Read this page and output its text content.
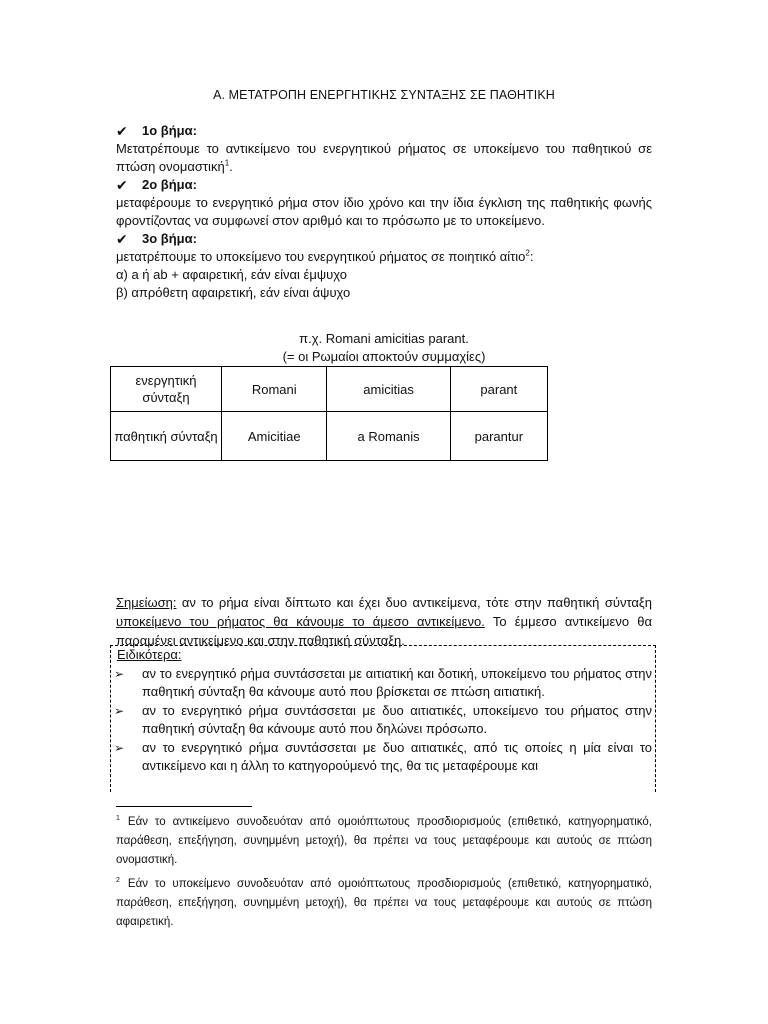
Α. ΜΕΤΑΤΡΟΠΗ ΕΝΕΡΓΗΤΙΚΗΣ ΣΥΝΤΑΞΗΣ ΣΕ ΠΑΘΗΤΙΚΗ
✔	1ο βήμα:

Μετατρέπουμε το αντικείμενο του ενεργητικού ρήματος σε υποκείμενο του παθητικού σε πτώση ονομαστική$^1$.

✔	2ο βήμα:

μεταφέρουμε το ενεργητικό ρήμα στον ίδιο χρόνο και την ίδια έγκλιση της παθητικής φωνής φροντίζοντας να συμφωνεί στον αριθμό και το πρόσωπο με το υποκείμενο.

✔	3ο βήμα:

μετατρέπουμε το υποκείμενο του ενεργητικού ρήματος σε ποιητικό αίτιο$^2$:

α) a ή ab + αφαιρετική, εάν είναι έμψυχο

β) απρόθετη αφαιρετική, εάν είναι άψυχο

π.χ. Romani amicitias parant.
(= οι Ρωμαίοι αποκτούν συμμαχίες)
ενεργητική σύνταξη	Romani	amicitias	parant
παθητική σύνταξη	Amicitiae	a Romanis	parantur

Σημείωση: αν το ρήμα είναι δίπτωτο και έχει δυο αντικείμενα, τότε στην παθητική σύνταξη υποκείμενο του ρήματος θα κάνουμε το άμεσο αντικείμενο. Το έμμεσο αντικείμενο θα παραμένει αντικείμενο και στην παθητική σύνταξη.

Ειδικότερα:
➢	αν το ενεργητικό ρήμα συντάσσεται με αιτιατική και δοτική, υποκείμενο του ρήματος στην παθητική σύνταξη θα κάνουμε αυτό που βρίσκεται σε πτώση αιτιατική.

➢	αν το ενεργητικό ρήμα συντάσσεται με δυο αιτιατικές, υποκείμενο του ρήματος στην παθητική σύνταξη θα κάνουμε αυτό που δηλώνει πρόσωπο.

➢	αν το ενεργητικό ρήμα συντάσσεται με δυο αιτιατικές, από τις οποίες η μία είναι το αντικείμενο και η άλλη το κατηγορούμενό της, θα τις μεταφέρουμε και

$^1$ Εάν το αντικείμενο συνοδευόταν από ομοιόπτωτους προσδιορισμούς (επιθετικό, κατηγορηματικό, παράθεση, επεξήγηση, συνημμένη μετοχή), θα πρέπει να τους μεταφέρουμε και αυτούς σε πτώση ονομαστική.

$^2$ Εάν το υποκείμενο συνοδευόταν από ομοιόπτωτους προσδιορισμούς (επιθετικό, κατηγορηματικό, παράθεση, επεξήγηση, συνημμένη μετοχή), θα πρέπει να τους μεταφέρουμε και αυτούς σε πτώση αφαιρετική.
